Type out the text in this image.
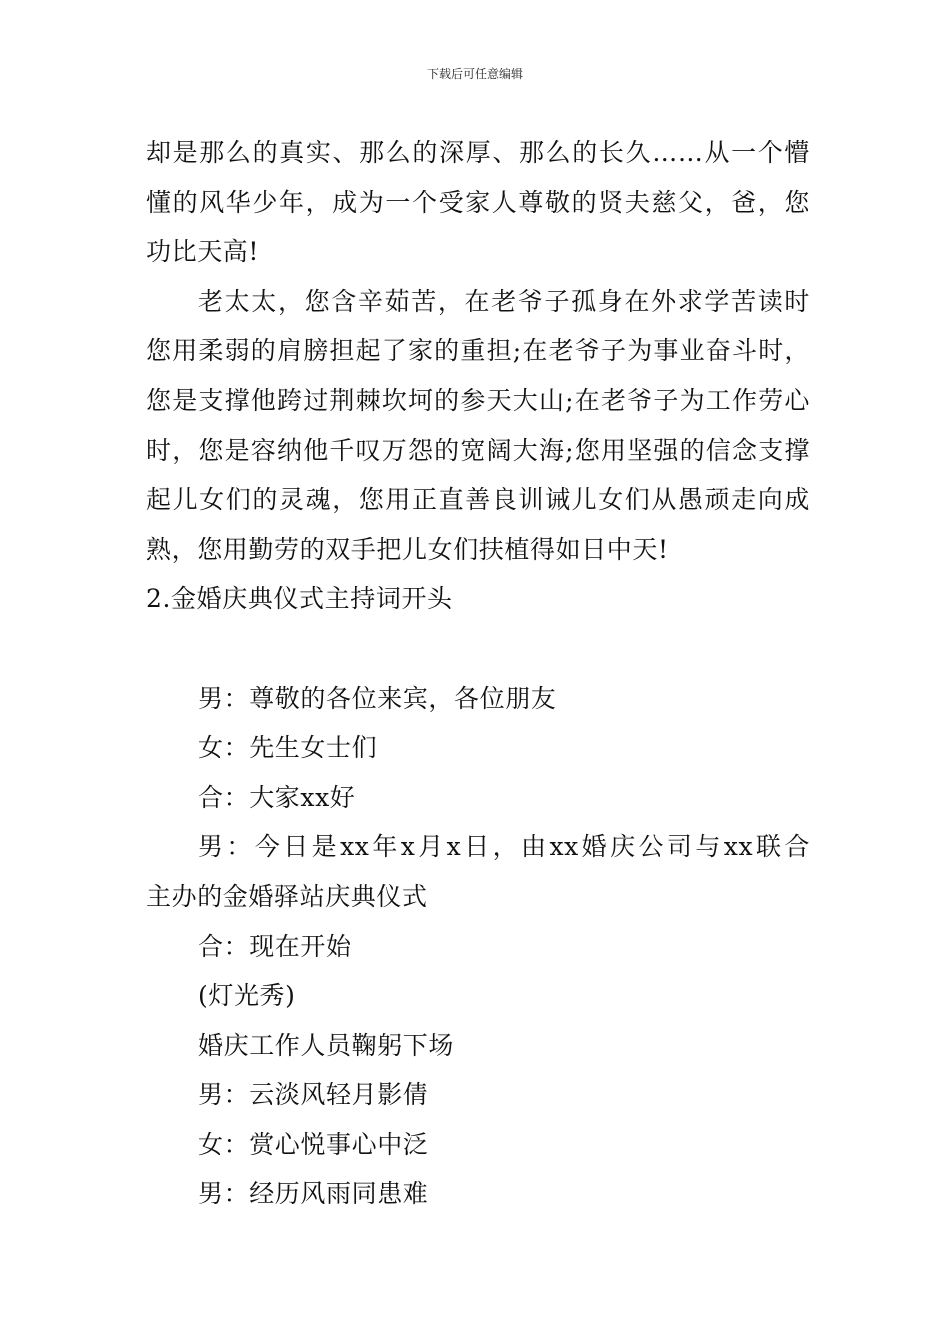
下载后可任意编辑
却是那么的真实、那么的深厚、那么的长久……从一个懵
懂的风华少年，成为一个受家人尊敬的贤夫慈父，爸，您
功比天高!
老太太，您含辛茹苦，在老爷子孤身在外求学苦读时
您用柔弱的肩膀担起了家的重担;在老爷子为事业奋斗时，
您是支撑他跨过荆棘坎坷的参天大山;在老爷子为工作劳心
时，您是容纳他千叹万怨的宽阔大海;您用坚强的信念支撑
起儿女们的灵魂，您用正直善良训诫儿女们从愚顽走向成
熟，您用勤劳的双手把儿女们扶植得如日中天!
2.金婚庆典仪式主持词开头
男：尊敬的各位来宾，各位朋友
女：先生女士们
合：大家xx好
男：今日是xx年x月x日，由xx婚庆公司与xx联合
主办的金婚驿站庆典仪式
合：现在开始
(灯光秀)
婚庆工作人员鞠躬下场
男：云淡风轻月影倩
女：赏心悦事心中泛
男：经历风雨同患难
